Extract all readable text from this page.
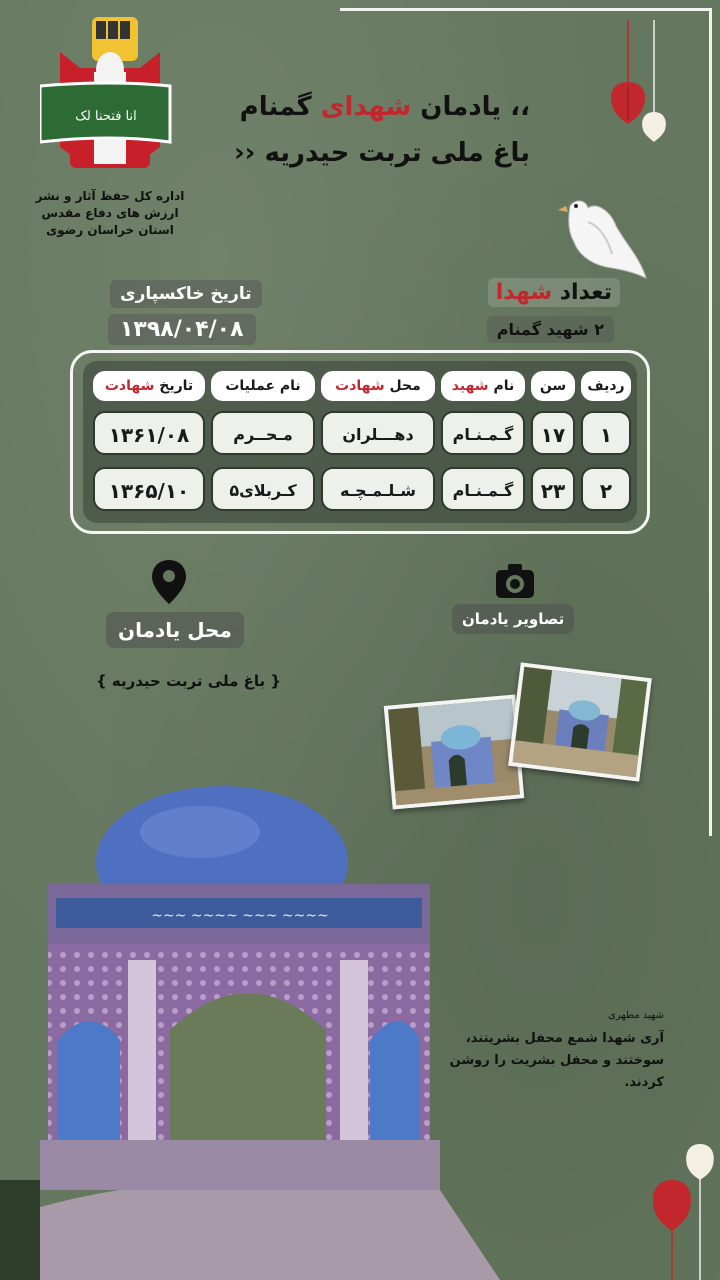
انا فتحنا لک
اداره کل حفظ آثار و نشر
ارزش های دفاع مقدس
استان خراسان رضوی
،، یادمان شهدای گمنام
باغ ملی تربت حیدریه ‹‹
تعداد شهدا
۲ شهید گمنام
تاریخ خاکسپاری
۱۳۹۸/۰۴/۰۸
ردیف
سن
نام شهید
محل شهادت
نام عملیات
تاریخ شهادت
۱
۱۷
گـمـنـام
دهـــلران
مـحــرم
۱۳۶۱/۰۸
۲
۲۳
گـمـنـام
شـلـمـچـه
کـربلای۵
۱۳۶۵/۱۰
محل یادمان
{ باغ ملی تربت حیدریه }
تصاویر یادمان
~~~ ~~~~ ~~~ ~~~~
شهید مطهری
آری شهدا شمع محفل بشریتند، سوختند و محفل بشریت را روشن کردند.
